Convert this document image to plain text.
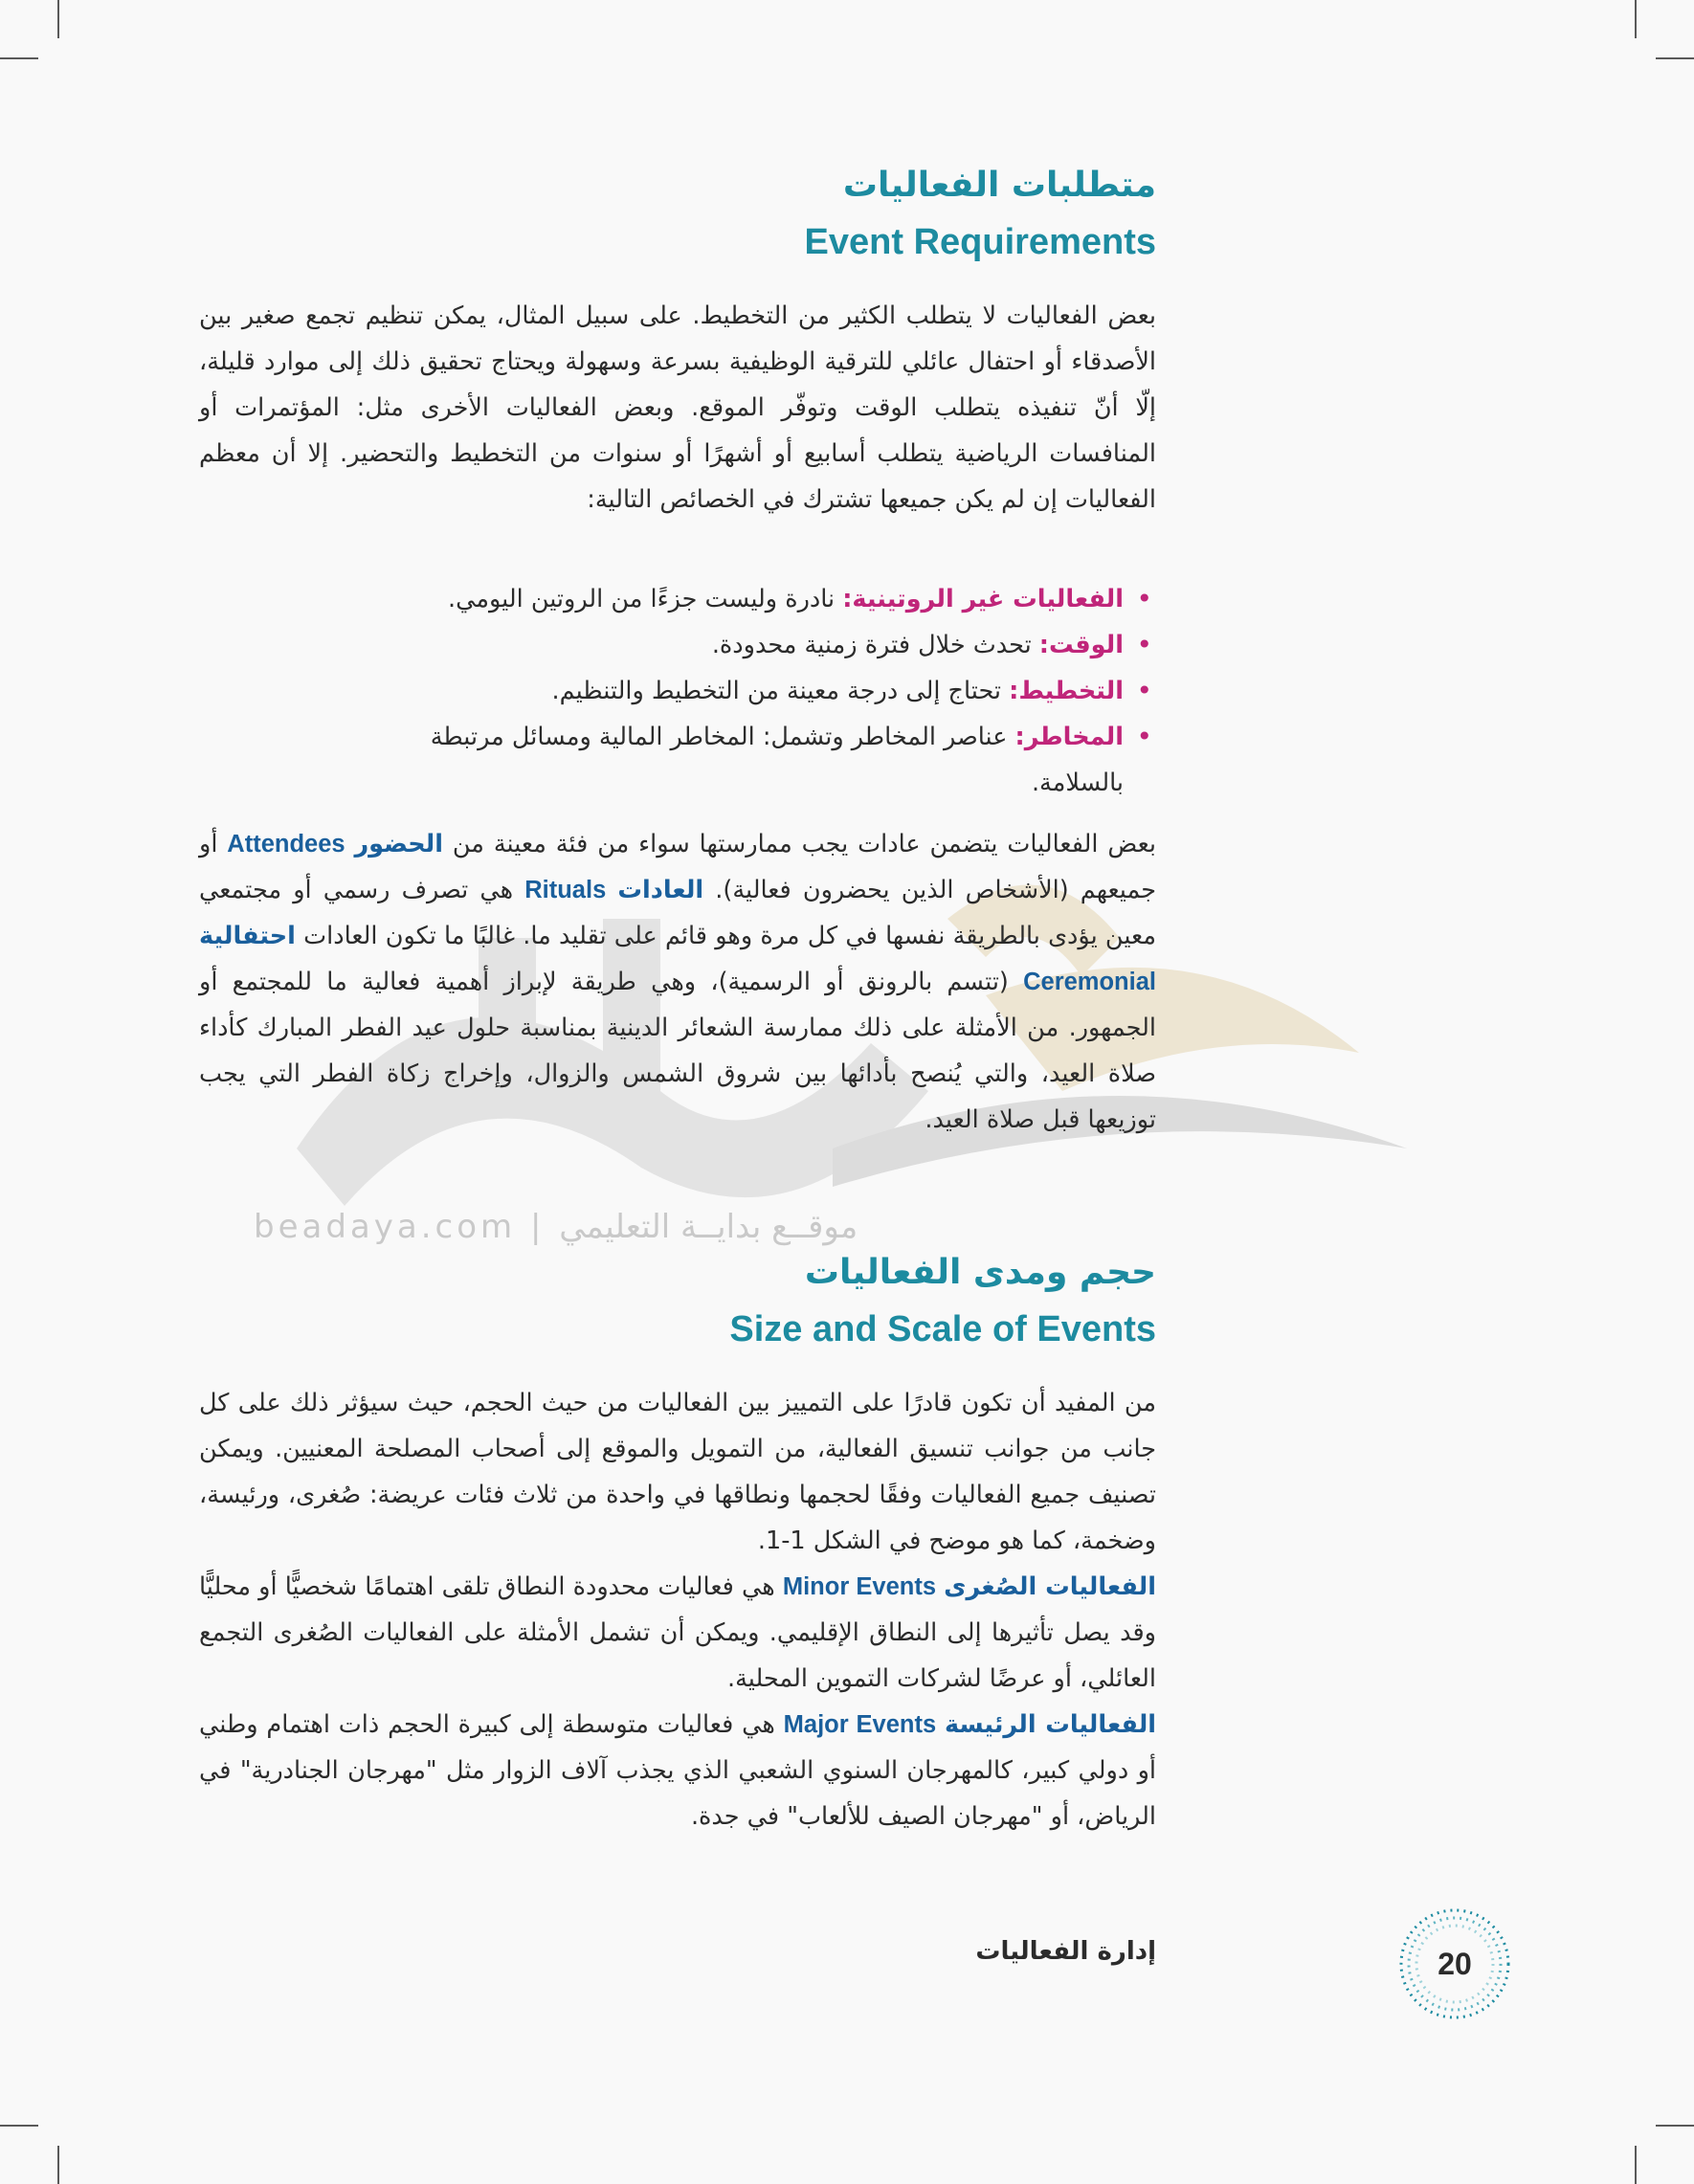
beadaya.com | موقــع بدايــة التعليمي
متطلبات الفعاليات
Event Requirements

بعض الفعاليات لا يتطلب الكثير من التخطيط. على سبيل المثال، يمكن تنظيم تجمع صغير بين الأصدقاء أو احتفال عائلي للترقية الوظيفية بسرعة وسهولة ويحتاج تحقيق ذلك إلى موارد قليلة، إلّا أنّ تنفيذه يتطلب الوقت وتوفّر الموقع. وبعض الفعاليات الأخرى مثل: المؤتمرات أو المنافسات الرياضية يتطلب أسابيع أو أشهرًا أو سنوات من التخطيط والتحضير. إلا أن معظم الفعاليات إن لم يكن جميعها تشترك في الخصائص التالية:

• الفعاليات غير الروتينية: نادرة وليست جزءًا من الروتين اليومي.
• الوقت: تحدث خلال فترة زمنية محدودة.
• التخطيط: تحتاج إلى درجة معينة من التخطيط والتنظيم.
• المخاطر: عناصر المخاطر وتشمل: المخاطر المالية ومسائل مرتبطة بالسلامة.

بعض الفعاليات يتضمن عادات يجب ممارستها سواء من فئة معينة من الحضور Attendees أو جميعهم (الأشخاص الذين يحضرون فعالية). العادات Rituals هي تصرف رسمي أو مجتمعي معين يؤدى بالطريقة نفسها في كل مرة وهو قائم على تقليد ما. غالبًا ما تكون العادات احتفالية Ceremonial (تتسم بالرونق أو الرسمية)، وهي طريقة لإبراز أهمية فعالية ما للمجتمع أو الجمهور. من الأمثلة على ذلك ممارسة الشعائر الدينية بمناسبة حلول عيد الفطر المبارك كأداء صلاة العيد، والتي يُنصح بأدائها بين شروق الشمس والزوال، وإخراج زكاة الفطر التي يجب توزيعها قبل صلاة العيد.

حجم ومدى الفعاليات
Size and Scale of Events

من المفيد أن تكون قادرًا على التمييز بين الفعاليات من حيث الحجم، حيث سيؤثر ذلك على كل جانب من جوانب تنسيق الفعالية، من التمويل والموقع إلى أصحاب المصلحة المعنيين. ويمكن تصنيف جميع الفعاليات وفقًا لحجمها ونطاقها في واحدة من ثلاث فئات عريضة: صُغرى، ورئيسة، وضخمة، كما هو موضح في الشكل 1-1.

الفعاليات الصُغرى Minor Events هي فعاليات محدودة النطاق تلقى اهتمامًا شخصيًّا أو محليًّا وقد يصل تأثيرها إلى النطاق الإقليمي. ويمكن أن تشمل الأمثلة على الفعاليات الصُغرى التجمع العائلي، أو عرضًا لشركات التموين المحلية.

الفعاليات الرئيسة Major Events هي فعاليات متوسطة إلى كبيرة الحجم ذات اهتمام وطني أو دولي كبير، كالمهرجان السنوي الشعبي الذي يجذب آلاف الزوار مثل "مهرجان الجنادرية" في الرياض، أو "مهرجان الصيف للألعاب" في جدة.

إدارة الفعاليات	20
